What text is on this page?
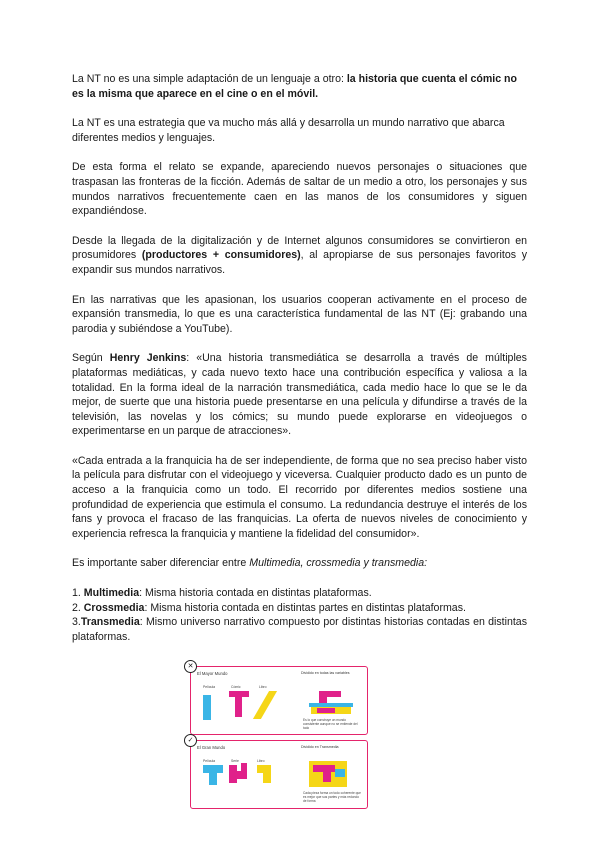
La NT no es una simple adaptación de un lenguaje a otro: la historia que cuenta el cómic no es la misma que aparece en el cine o en el móvil.

La NT es una estrategia que va mucho más allá y desarrolla un mundo narrativo que abarca diferentes medios y lenguajes.

De esta forma el relato se expande, apareciendo nuevos personajes o situaciones que traspasan las fronteras de la ficción. Además de saltar de un medio a otro, los personajes y sus mundos narrativos frecuentemente caen en las manos de los consumidores y siguen expandiéndose.

Desde la llegada de la digitalización y de Internet algunos consumidores se convirtieron en prosumidores (productores + consumidores), al apropiarse de sus personajes favoritos y expandir sus mundos narrativos.

En las narrativas que les apasionan, los usuarios cooperan activamente en el proceso de expansión transmedia, lo que es una característica fundamental de las NT (Ej: grabando una parodia y subiéndose a YouTube).

Según Henry Jenkins: «Una historia transmediática se desarrolla a través de múltiples plataformas mediáticas, y cada nuevo texto hace una contribución específica y valiosa a la totalidad. En la forma ideal de la narración transmediática, cada medio hace lo que se le da mejor, de suerte que una historia puede presentarse en una película y difundirse a través de la televisión, las novelas y los cómics; su mundo puede explorarse en videojuegos o experimentarse en un parque de atracciones».

«Cada entrada a la franquicia ha de ser independiente, de forma que no sea preciso haber visto la película para disfrutar con el videojuego y viceversa. Cualquier producto dado es un punto de acceso a la franquicia como un todo. El recorrido por diferentes medios sostiene una profundidad de experiencia que estimula el consumo. La redundancia destruye el interés de los fans y provoca el fracaso de las franquicias. La oferta de nuevos niveles de conocimiento y experiencia refresca la franquicia y mantiene la fidelidad del consumidor».

Es importante saber diferenciar entre Multimedia, crossmedia y transmedia:

1. Multimedia: Misma historia contada en distintas plataformas.

2. Crossmedia: Misma historia contada en distintas partes en distintas plataformas.

3.Transmedia: Mismo universo narrativo compuesto por distintas historias contadas en distintas plataformas.

El Mayor Mundo	Dividido en todas las variables
Película	Cómic	Libro
Es lo que construye un mundo consistente aunque no se entiende del todo
✕
El Gran Mundo	Dividido en Transmedia
Película	Serie	Libro
Cada pieza forma un todo coherente que es mejor que sus partes y más redondo de forma
✓
